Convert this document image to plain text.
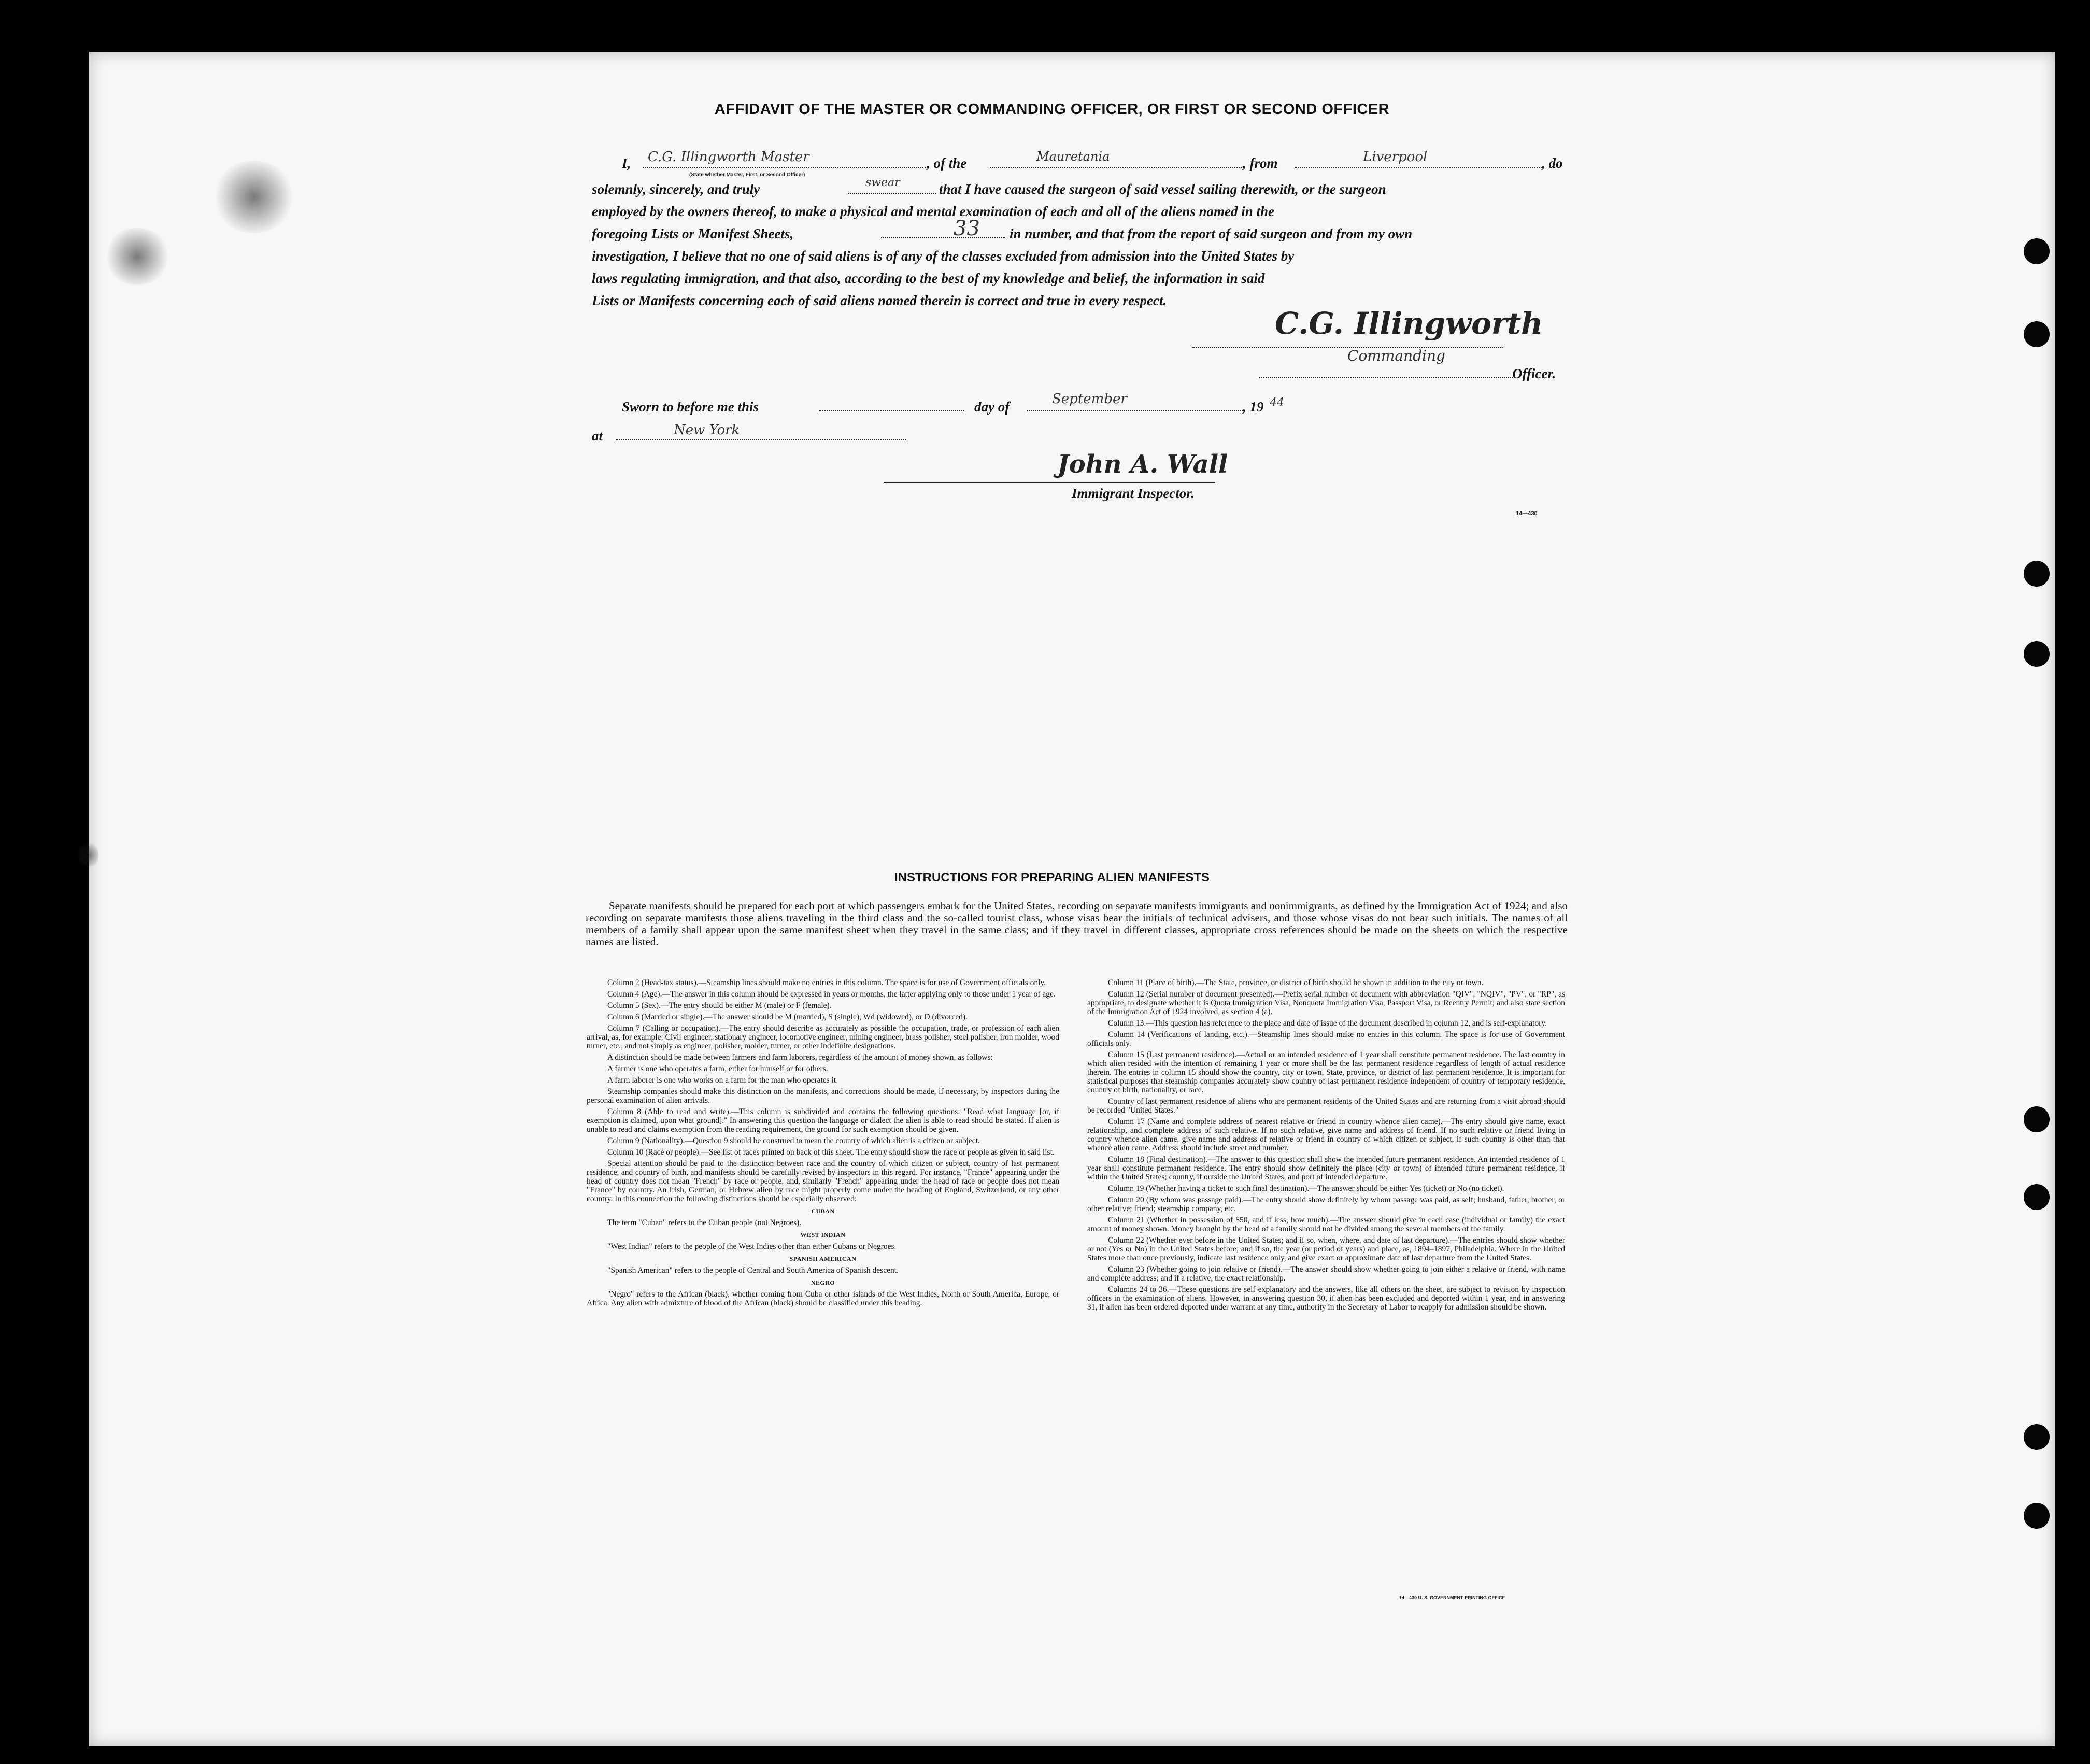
AFFIDAVIT OF THE MASTER OR COMMANDING OFFICER, OR FIRST OR SECOND OFFICER
I, C.G. Illingworth Master
(State whether Master, First, or Second Officer)
, of the	Mauretania	, from	Liverpool	, do
solemnly, sincerely, and truly	swear	that I have caused the surgeon of said vessel sailing therewith, or the surgeon
employed by the owners thereof, to make a physical and mental examination of each and all of the aliens named in the
foregoing Lists or Manifest Sheets,	33 in number, and that from the report of said surgeon and from my own
investigation, I believe that no one of said aliens is of any of the classes excluded from admission into the United States by
laws regulating immigration, and that also, according to the best of my knowledge and belief, the information in said
Lists or Manifests concerning each of said aliens named therein is correct and true in every respect.
C.G. Illingworth
Commanding
Officer.
Sworn to before me this	day of	September	, 19 44
at	New York
John A. Wall
Immigrant Inspector.
14—430
INSTRUCTIONS FOR PREPARING ALIEN MANIFESTS
Separate manifests should be prepared for each port at which passengers embark for the United States, recording on separate manifests immigrants and nonimmigrants, as defined by the Immigration Act of 1924; and also recording on separate manifests those aliens traveling in the third class and the so-called tourist class, whose visas bear the initials of technical advisers, and those whose visas do not bear such initials. The names of all members of a family shall appear upon the same manifest sheet when they travel in the same class; and if they travel in different classes, appropriate cross references should be made on the sheets on which the respective names are listed.

Column 2 (Head-tax status).—Steamship lines should make no entries in this column. The space is for use of Government officials only.

Column 4 (Age).—The answer in this column should be expressed in years or months, the latter applying only to those under 1 year of age.

Column 5 (Sex).—The entry should be either M (male) or F (female).

Column 6 (Married or single).—The answer should be M (married), S (single), Wd (widowed), or D (divorced).

Column 7 (Calling or occupation).—The entry should describe as accurately as possible the occupation, trade, or profession of each alien arrival, as, for example: Civil engineer, stationary engineer, locomotive engineer, mining engineer, brass polisher, steel polisher, iron molder, wood turner, etc., and not simply as engineer, polisher, molder, turner, or other indefinite designations.

A distinction should be made between farmers and farm laborers, regardless of the amount of money shown, as follows:

A farmer is one who operates a farm, either for himself or for others.

A farm laborer is one who works on a farm for the man who operates it.

Steamship companies should make this distinction on the manifests, and corrections should be made, if necessary, by inspectors during the personal examination of alien arrivals.

Column 8 (Able to read and write).—This column is subdivided and contains the following questions: "Read what language [or, if exemption is claimed, upon what ground]." In answering this question the language or dialect the alien is able to read should be stated. If alien is unable to read and claims exemption from the reading requirement, the ground for such exemption should be given.

Column 9 (Nationality).—Question 9 should be construed to mean the country of which alien is a citizen or subject.

Column 10 (Race or people).—See list of races printed on back of this sheet. The entry should show the race or people as given in said list.

Special attention should be paid to the distinction between race and the country of which citizen or subject, country of last permanent residence, and country of birth, and manifests should be carefully revised by inspectors in this regard. For instance, "France" appearing under the head of country does not mean "French" by race or people, and, similarly "French" appearing under the head of race or people does not mean "France" by country. An Irish, German, or Hebrew alien by race might properly come under the heading of England, Switzerland, or any other country. In this connection the following distinctions should be especially observed:

CUBAN

The term "Cuban" refers to the Cuban people (not Negroes).

WEST INDIAN

"West Indian" refers to the people of the West Indies other than either Cubans or Negroes.

SPANISH AMERICAN

"Spanish American" refers to the people of Central and South America of Spanish descent.

NEGRO

"Negro" refers to the African (black), whether coming from Cuba or other islands of the West Indies, North or South America, Europe, or Africa. Any alien with admixture of blood of the African (black) should be classified under this heading.

Column 11 (Place of birth).—The State, province, or district of birth should be shown in addition to the city or town.

Column 12 (Serial number of document presented).—Prefix serial number of document with abbreviation "QIV", "NQIV", "PV", or "RP", as appropriate, to designate whether it is Quota Immigration Visa, Nonquota Immigration Visa, Passport Visa, or Reentry Permit; and also state section of the Immigration Act of 1924 involved, as section 4 (a).

Column 13.—This question has reference to the place and date of issue of the document described in column 12, and is self-explanatory.

Column 14 (Verifications of landing, etc.).—Steamship lines should make no entries in this column. The space is for use of Government officials only.

Column 15 (Last permanent residence).—Actual or an intended residence of 1 year shall constitute permanent residence. The last country in which alien resided with the intention of remaining 1 year or more shall be the last permanent residence regardless of length of actual residence therein. The entries in column 15 should show the country, city or town, State, province, or district of last permanent residence. It is important for statistical purposes that steamship companies accurately show country of last permanent residence independent of country of temporary residence, country of birth, nationality, or race.

Country of last permanent residence of aliens who are permanent residents of the United States and are returning from a visit abroad should be recorded "United States."

Column 17 (Name and complete address of nearest relative or friend in country whence alien came).—The entry should give name, exact relationship, and complete address of such relative. If no such relative, give name and address of friend. If no such relative or friend living in country whence alien came, give name and address of relative or friend in country of which citizen or subject, if such country is other than that whence alien came. Address should include street and number.

Column 18 (Final destination).—The answer to this question shall show the intended future permanent residence. An intended residence of 1 year shall constitute permanent residence. The entry should show definitely the place (city or town) of intended future permanent residence, if within the United States; country, if outside the United States, and port of intended departure.

Column 19 (Whether having a ticket to such final destination).—The answer should be either Yes (ticket) or No (no ticket).

Column 20 (By whom was passage paid).—The entry should show definitely by whom passage was paid, as self; husband, father, brother, or other relative; friend; steamship company, etc.

Column 21 (Whether in possession of $50, and if less, how much).—The answer should give in each case (individual or family) the exact amount of money shown. Money brought by the head of a family should not be divided among the several members of the family.

Column 22 (Whether ever before in the United States; and if so, when, where, and date of last departure).—The entries should show whether or not (Yes or No) in the United States before; and if so, the year (or period of years) and place, as, 1894–1897, Philadelphia. Where in the United States more than once previously, indicate last residence only, and give exact or approximate date of last departure from the United States.

Column 23 (Whether going to join relative or friend).—The answer should show whether going to join either a relative or friend, with name and complete address; and if a relative, the exact relationship.

Columns 24 to 36.—These questions are self-explanatory and the answers, like all others on the sheet, are subject to revision by inspection officers in the examination of aliens. However, in answering question 30, if alien has been excluded and deported within 1 year, and in answering 31, if alien has been ordered deported under warrant at any time, authority in the Secretary of Labor to reapply for admission should be shown.

14—430 U. S. GOVERNMENT PRINTING OFFICE
